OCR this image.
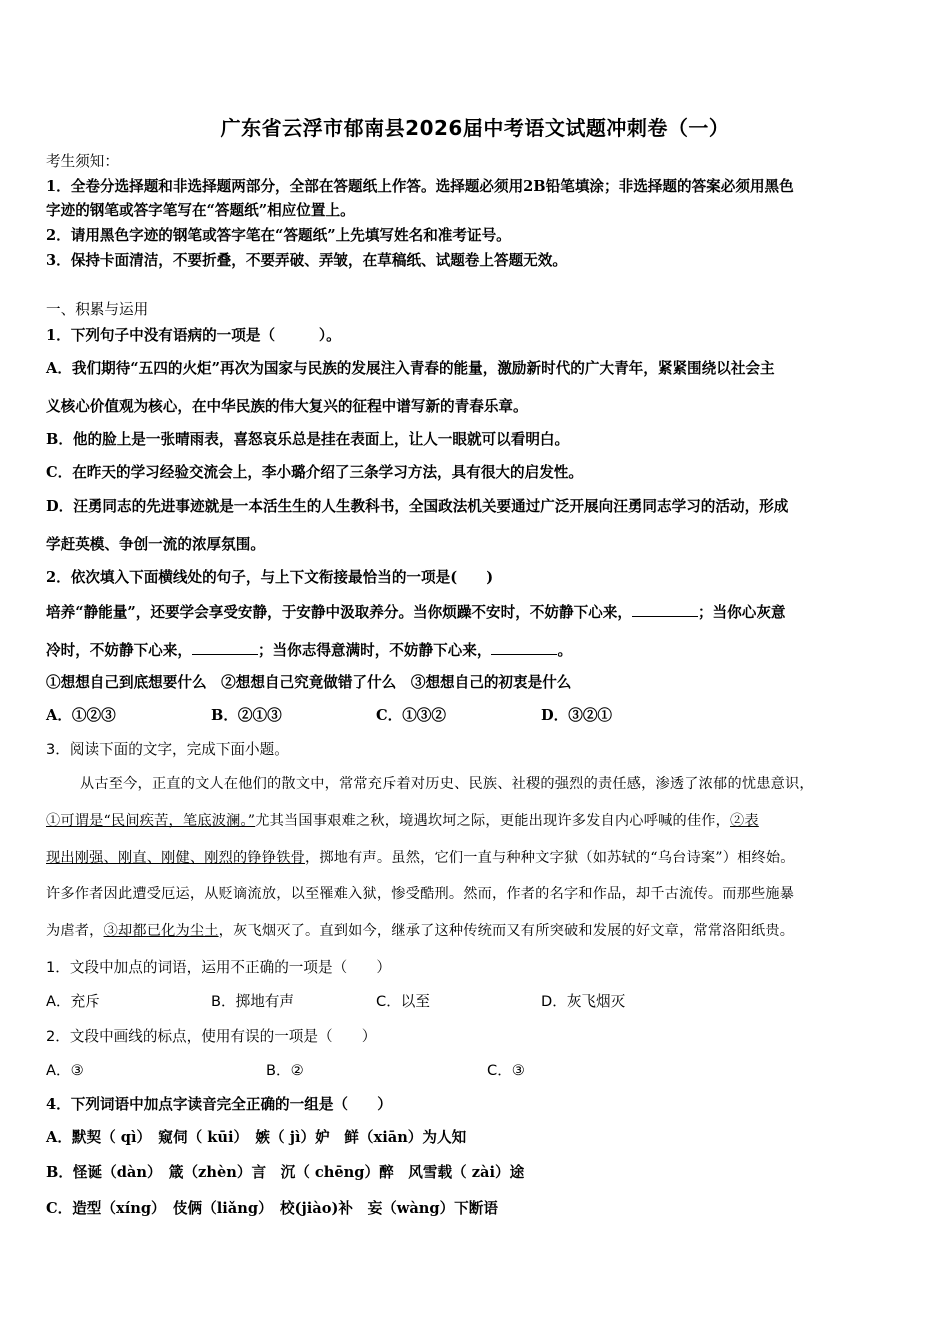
广东省云浮市郁南县2026届中考语文试题冲刺卷（一）
考生须知：
1．全卷分选择题和非选择题两部分，全部在答题纸上作答。选择题必须用2B铅笔填涂；非选择题的答案必须用黑色
字迹的钢笔或答字笔写在“答题纸”相应位置上。
2．请用黑色字迹的钢笔或答字笔在“答题纸”上先填写姓名和准考证号。
3．保持卡面清洁，不要折叠，不要弄破、弄皱，在草稿纸、试题卷上答题无效。
一、积累与运用
1．下列句子中没有语病的一项是（　　　）。
A．我们期待“五四的火炬”再次为国家与民族的发展注入青春的能量，激励新时代的广大青年，紧紧围绕以社会主
义核心价值观为核心，在中华民族的伟大复兴的征程中谱写新的青春乐章。
B．他的脸上是一张晴雨表，喜怒哀乐总是挂在表面上，让人一眼就可以看明白。
C．在昨天的学习经验交流会上，李小璐介绍了三条学习方法，具有很大的启发性。
D．汪勇同志的先进事迹就是一本活生生的人生教科书，全国政法机关要通过广泛开展向汪勇同志学习的活动，形成
学赶英模、争创一流的浓厚氛围。
2．依次填入下面横线处的句子，与上下文衔接最恰当的一项是(　　)
培养“静能量”，还要学会享受安静，于安静中汲取养分。当你烦躁不安时，不妨静下心来，	；当你心灰意
冷时，不妨静下心来，	；当你志得意满时，不妨静下心来，	。
①想想自己到底想要什么　②想想自己究竟做错了什么　③想想自己的初衷是什么
A．①②③	B．②①③	C．①③②	D．③②①
3．阅读下面的文字，完成下面小题。
从古至今，正直的文人在他们的散文中，常常充斥着对历史、民族、社稷的强烈的责任感，渗透了浓郁的忧患意识，
①可谓是“民间疾苦，笔底波澜。”尤其当国事艰难之秋，境遇坎坷之际，更能出现许多发自内心呼喊的佳作，②表
现出刚强、刚直、刚健、刚烈的铮铮铁骨，掷地有声。虽然，它们一直与种种文字狱（如苏轼的“乌台诗案”）相终始。
许多作者因此遭受厄运，从贬谪流放，以至罹难入狱，惨受酷刑。然而，作者的名字和作品，却千古流传。而那些施暴
为虐者，③却都已化为尘土，灰飞烟灭了。直到如今，继承了这种传统而又有所突破和发展的好文章，常常洛阳纸贵。
1．文段中加点的词语，运用不正确的一项是（　　）
A．充斥	B．掷地有声	C．以至	D．灰飞烟灭
2．文段中画线的标点，使用有误的一项是（　　）
A．③	B．②	C．③
4．下列词语中加点字读音完全正确的一组是（　　）
A．默契（ qì）　窥伺（ kūi）　嫉（ jì）妒　鲜（xiān）为人知
B．怪诞（dàn）　箴（zhèn）言　沉（ chēng）醉　风雪载（ zài）途
C．造型（xíng）　伎俩（liǎng）　校(jiào)补　妄（wàng）下断语
